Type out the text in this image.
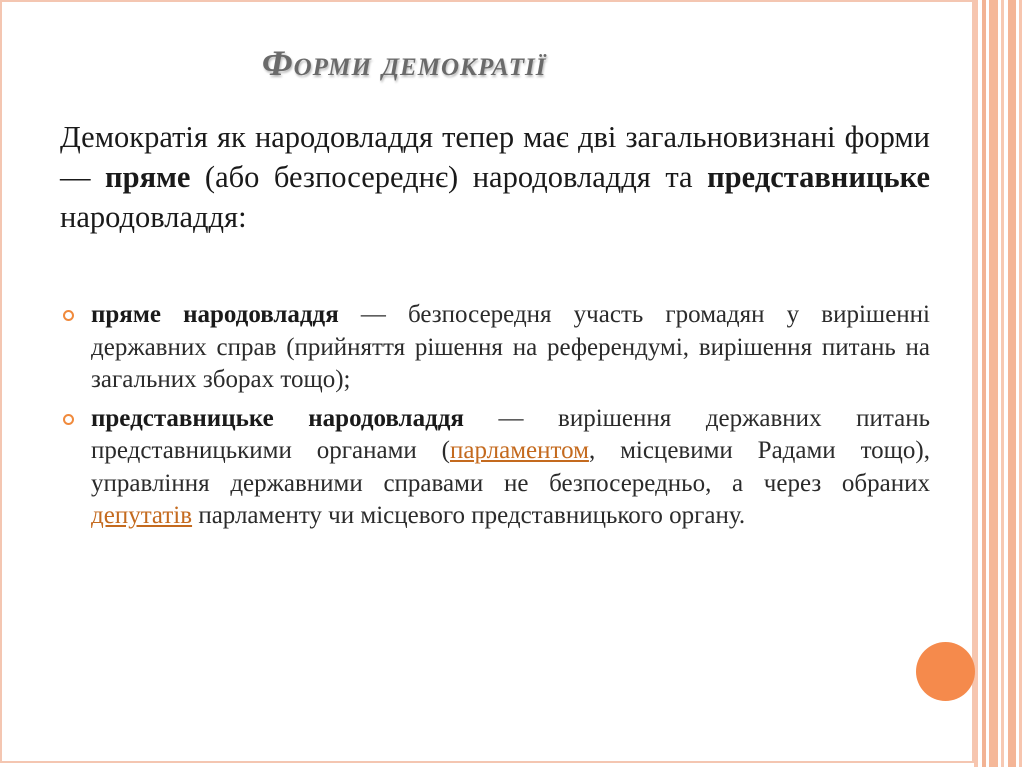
Форми демократії

Демократія як народовладдя тепер має дві загальновизнані форми — пряме (або безпосереднє) народовладдя та представницьке народовладдя:

пряме народовладдя — безпосередня участь громадян у вирішенні державних справ (прийняття рішення на референдумі, вирішення питань на загальних зборах тощо);
представницьке народовладдя — вирішення державних питань представницькими органами (парламентом, місцевими Радами тощо), управління державними справами не безпосередньо, а через обраних депутатів парламенту чи місцевого представницького органу.
